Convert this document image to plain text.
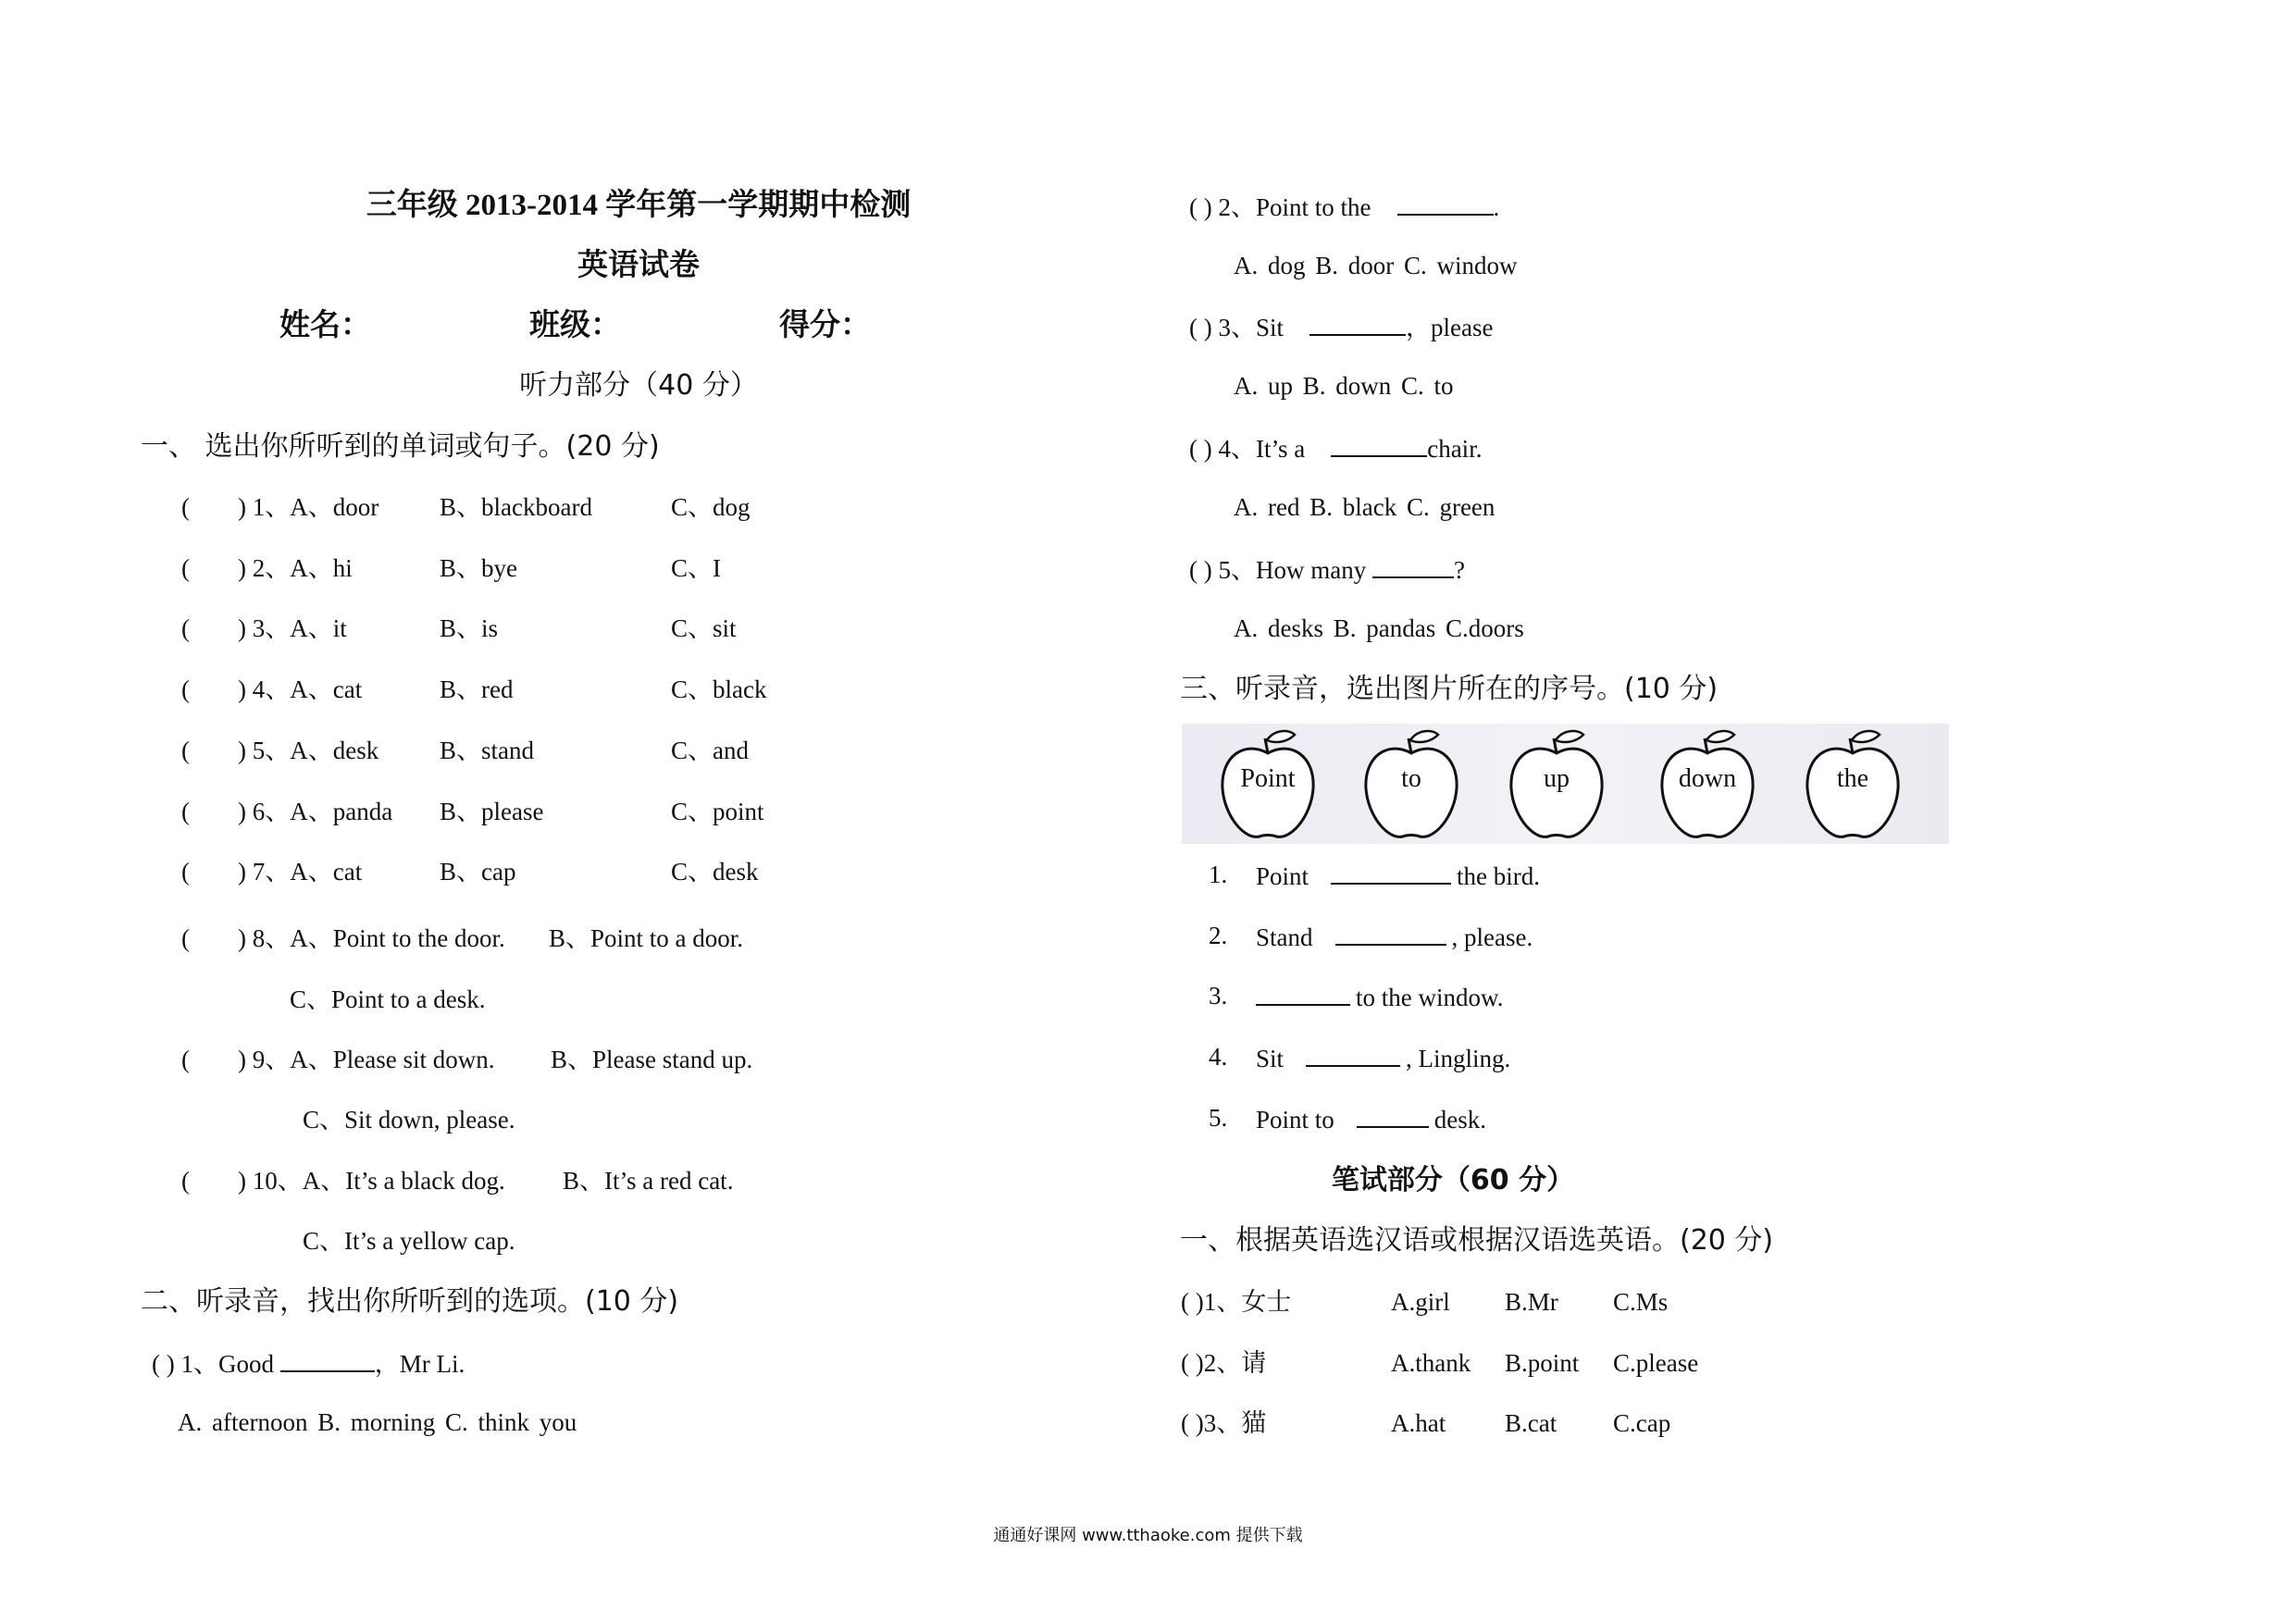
三年级 2013-2014 学年第一学期期中检测
英语试卷
姓名：	班级：	得分：
听力部分（40 分）
一、 选出你所听到的单词或句子。(20 分)
( ) 1、A、door B、blackboard	C、dog
( ) 2、A、hi	B、bye	C、I
( ) 3、A、it	B、is	C、sit
( ) 4、A、cat	B、red	C、black
( ) 5、A、desk B、stand	C、and
( ) 6、A、panda B、please	C、point
( ) 7、A、cat	B、cap	C、desk
( ) 8、A、Point to the door. B、Point to a door.
C、Point to a desk.
( ) 9、A、Please sit down. B、Please stand up.
C、Sit down, please.
( ) 10、A、It’s a black dog. B、It’s a red cat.
C、It’s a yellow cap.
二、听录音，找出你所听到的选项。(10 分)
( ) 1、Good	，Mr Li.
A. afternoon B. morning C. think you
( ) 2、Point to the	.
A. dog B. door C. window
( ) 3、Sit	，please
A. up B. down C. to
( ) 4、It’s a	chair.
A. red B. black C. green
( ) 5、How many	?
A. desks B. pandas C.doors
三、听录音，选出图片所在的序号。(10 分)
Point	to	up	down	the
1. Point	the bird.
2. Stand	, please.
3.	to the window.
4. Sit	, Lingling.
5. Point to	desk.
笔试部分（60 分）
一、根据英语选汉语或根据汉语选英语。(20 分)
( )1、女士	A.girl B.Mr C.Ms
( )2、请	A.thank B.point C.please
( )3、猫	A.hat B.cat C.cap
通通好课网 www.tthaoke.com 提供下载
